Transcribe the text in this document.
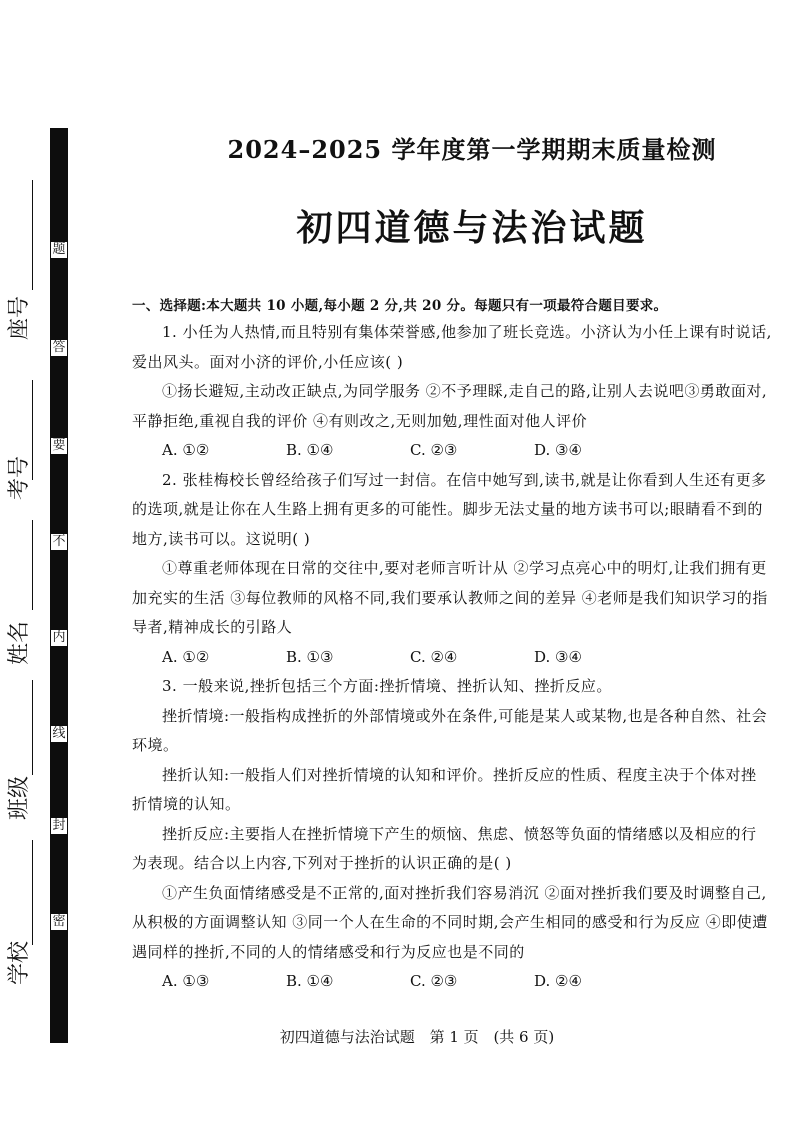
题
答
要
不
内
线
封
密
座号
考号
姓名
班级
学校
2024–2025 学年度第一学期期末质量检测
初四道德与法治试题
一、选择题:本大题共 10 小题,每小题 2 分,共 20 分。每题只有一项最符合题目要求。

1. 小任为人热情,而且特别有集体荣誉感,他参加了班长竞选。小济认为小任上课有时说话,爱出风头。面对小济的评价,小任应该( )

①扬长避短,主动改正缺点,为同学服务 ②不予理睬,走自己的路,让别人去说吧③勇敢面对,平静拒绝,重视自我的评价 ④有则改之,无则加勉,理性面对他人评价

A. ①②	B. ①④	C. ②③	D. ③④

2. 张桂梅校长曾经给孩子们写过一封信。在信中她写到,读书,就是让你看到人生还有更多的选项,就是让你在人生路上拥有更多的可能性。脚步无法丈量的地方读书可以;眼睛看不到的地方,读书可以。这说明( )

①尊重老师体现在日常的交往中,要对老师言听计从 ②学习点亮心中的明灯,让我们拥有更加充实的生活 ③每位教师的风格不同,我们要承认教师之间的差异 ④老师是我们知识学习的指导者,精神成长的引路人

A. ①②	B. ①③	C. ②④	D. ③④

3. 一般来说,挫折包括三个方面:挫折情境、挫折认知、挫折反应。

挫折情境:一般指构成挫折的外部情境或外在条件,可能是某人或某物,也是各种自然、社会环境。

挫折认知:一般指人们对挫折情境的认知和评价。挫折反应的性质、程度主决于个体对挫折情境的认知。

挫折反应:主要指人在挫折情境下产生的烦恼、焦虑、愤怒等负面的情绪感以及相应的行为表现。结合以上内容,下列对于挫折的认识正确的是( )

①产生负面情绪感受是不正常的,面对挫折我们容易消沉 ②面对挫折我们要及时调整自己,从积极的方面调整认知 ③同一个人在生命的不同时期,会产生相同的感受和行为反应 ④即使遭遇同样的挫折,不同的人的情绪感受和行为反应也是不同的

A. ①③	B. ①④	C. ②③	D. ②④
初四道德与法治试题 第 1 页 (共 6 页)
